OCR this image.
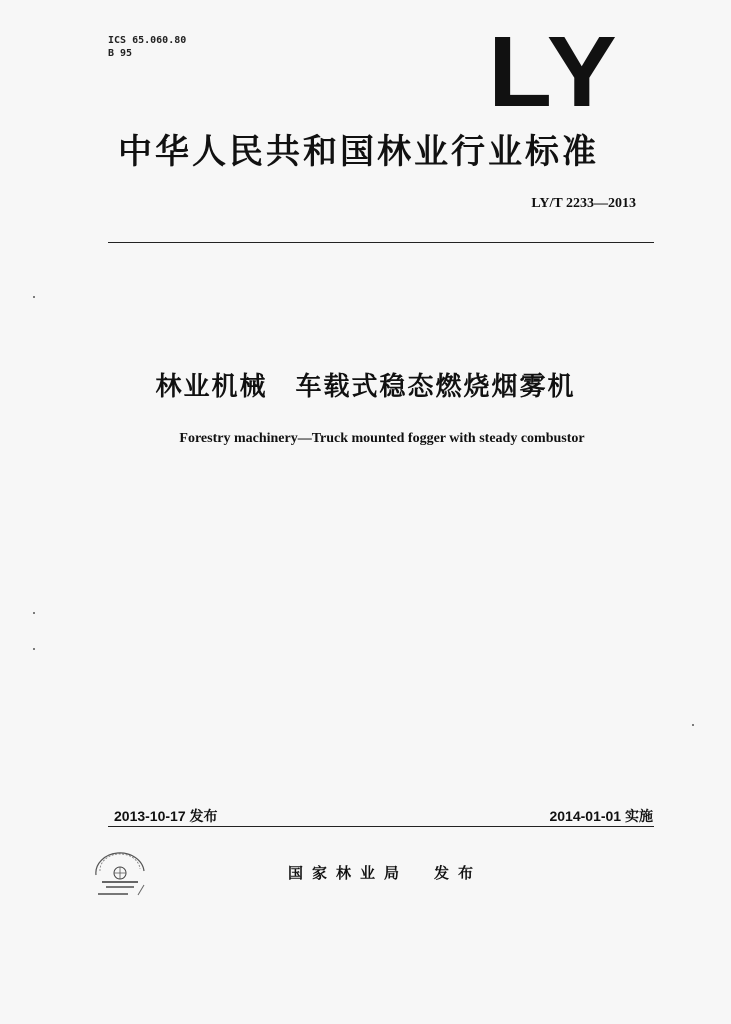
ICS 65.060.80
B 95	LY
中华人民共和国林业行业标准
LY/T 2233—2013
林业机械　车载式稳态燃烧烟雾机
Forestry machinery—Truck mounted fogger with steady combustor
2013-10-17 发布	2014-01-01 实施
国家林业局 发布
